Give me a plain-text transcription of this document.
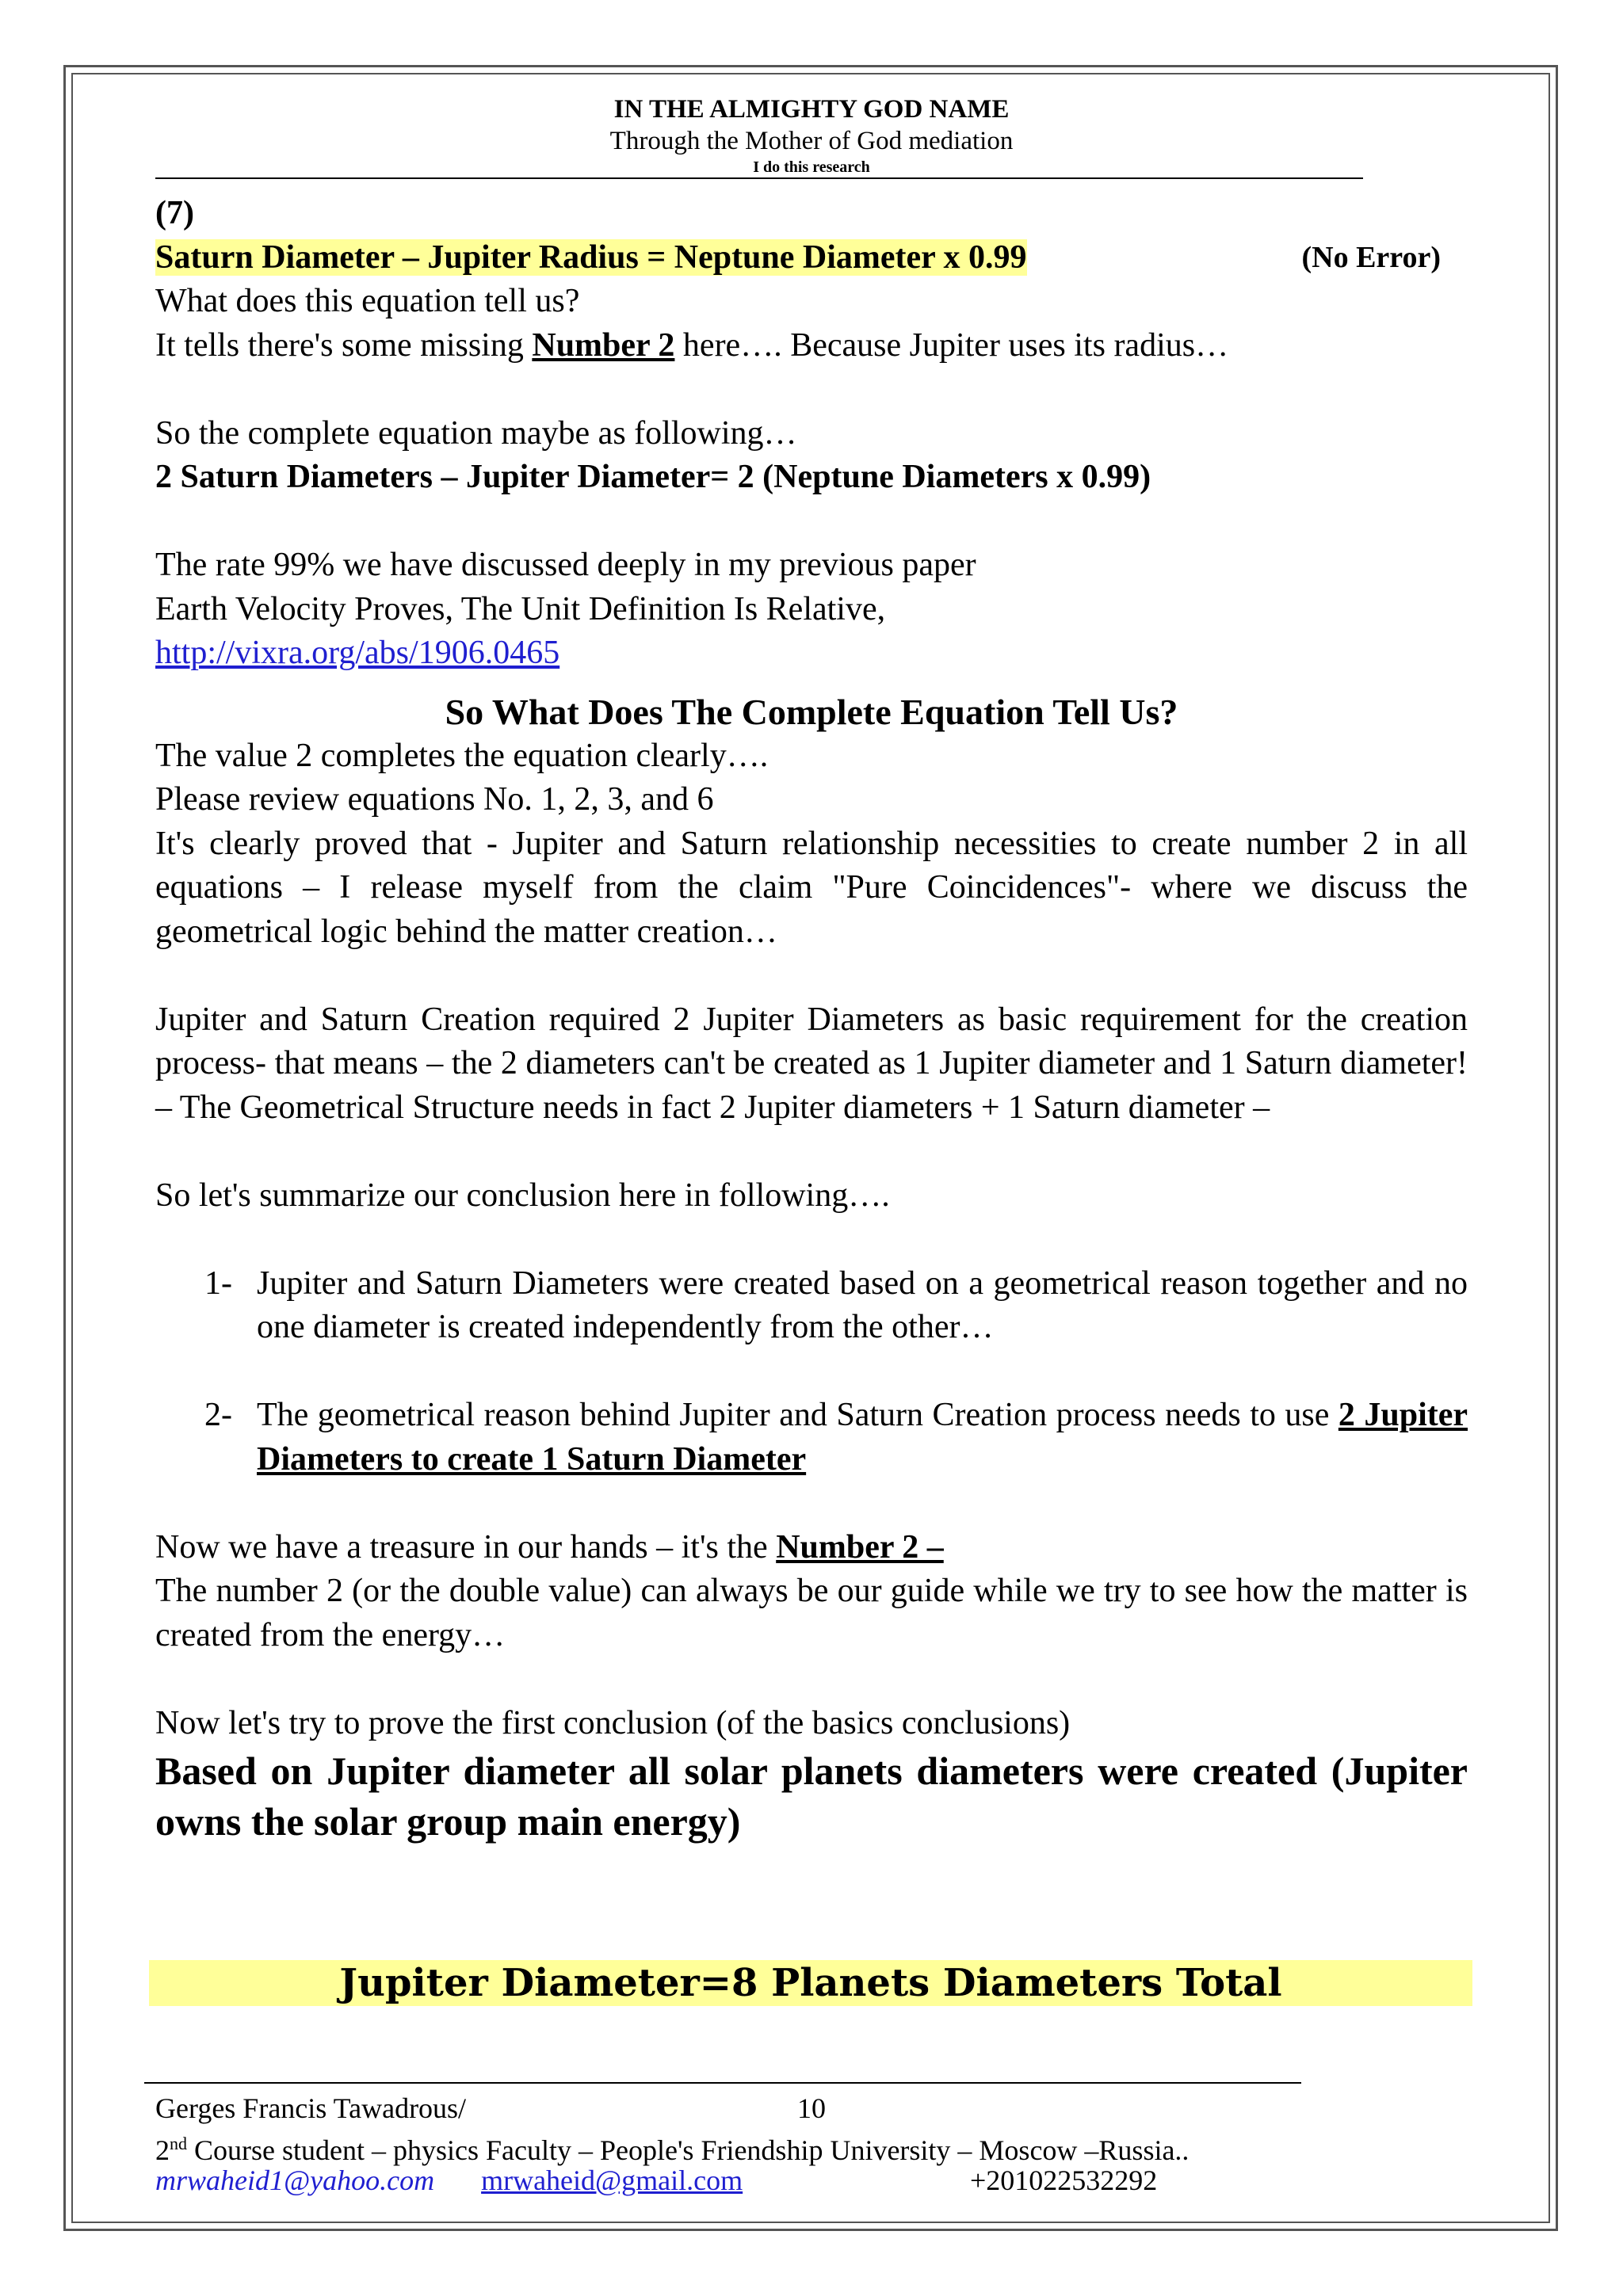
IN THE ALMIGHTY GOD NAME
Through the Mother of God mediation
I do this research

(7)

Saturn Diameter – Jupiter Radius = Neptune Diameter x 0.99	(No Error)

What does this equation tell us?

It tells there's some missing Number 2 here…. Because Jupiter uses its radius…

So the complete equation maybe as following…

2 Saturn Diameters – Jupiter Diameter= 2 (Neptune Diameters x 0.99)

The rate 99% we have discussed deeply in my previous paper

Earth Velocity Proves, The Unit Definition Is Relative,

http://vixra.org/abs/1906.0465

So What Does The Complete Equation Tell Us?

The value 2 completes the equation clearly….

Please review equations No. 1, 2, 3, and 6

It's clearly proved that - Jupiter and Saturn relationship necessities to create number 2 in all equations – I release myself from the claim "Pure Coincidences"- where we discuss the geometrical logic behind the matter creation…

Jupiter and Saturn Creation required 2 Jupiter Diameters as basic requirement for the creation process- that means – the 2 diameters can't be created as 1 Jupiter diameter and 1 Saturn diameter! – The Geometrical Structure needs in fact 2 Jupiter diameters + 1 Saturn diameter –

So let's summarize our conclusion here in following….

1- Jupiter and Saturn Diameters were created based on a geometrical reason together and no one diameter is created independently from the other…

2- The geometrical reason behind Jupiter and Saturn Creation process needs to use 2 Jupiter Diameters to create 1 Saturn Diameter

Now we have a treasure in our hands – it's the Number 2 –

The number 2 (or the double value) can always be our guide while we try to see how the matter is created from the energy…

Now let's try to prove the first conclusion (of the basics conclusions)

Based on Jupiter diameter all solar planets diameters were created (Jupiter owns the solar group main energy)

Jupiter Diameter=8 Planets Diameters Total
Gerges Francis Tawadrous/	10
2nd Course student – physics Faculty – People's Friendship University – Moscow –Russia..
mrwaheid1@yahoo.com mrwaheid@gmail.com	+201022532292
